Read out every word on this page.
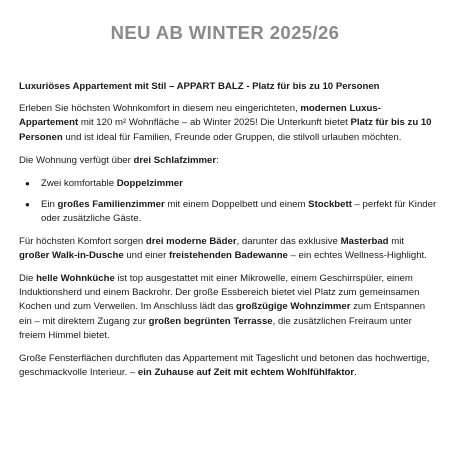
NEU AB WINTER 2025/26

Luxuriöses Appartement mit Stil – APPART BALZ - Platz für bis zu 10 Personen

Erleben Sie höchsten Wohnkomfort in diesem neu eingerichteten, modernen Luxus-Appartement mit 120 m² Wohnfläche – ab Winter 2025! Die Unterkunft bietet Platz für bis zu 10 Personen und ist ideal für Familien, Freunde oder Gruppen, die stilvoll urlauben möchten.

Die Wohnung verfügt über drei Schlafzimmer:

● Zwei komfortable Doppelzimmer
● Ein großes Familienzimmer mit einem Doppelbett und einem Stockbett – perfekt für Kinder oder zusätzliche Gäste.

Für höchsten Komfort sorgen drei moderne Bäder, darunter das exklusive Masterbad mit großer Walk-in-Dusche und einer freistehenden Badewanne – ein echtes Wellness-Highlight.

Die helle Wohnküche ist top ausgestattet mit einer Mikrowelle, einem Geschirrspüler, einem Induktionsherd und einem Backrohr. Der große Essbereich bietet viel Platz zum gemeinsamen Kochen und zum Verweilen. Im Anschluss lädt das großzügige Wohnzimmer zum Entspannen ein – mit direktem Zugang zur großen begrünten Terrasse, die zusätzlichen Freiraum unter freiem Himmel bietet.

Große Fensterflächen durchfluten das Appartement mit Tageslicht und betonen das hochwertige, geschmackvolle Interieur. – ein Zuhause auf Zeit mit echtem Wohlfühlfaktor.
